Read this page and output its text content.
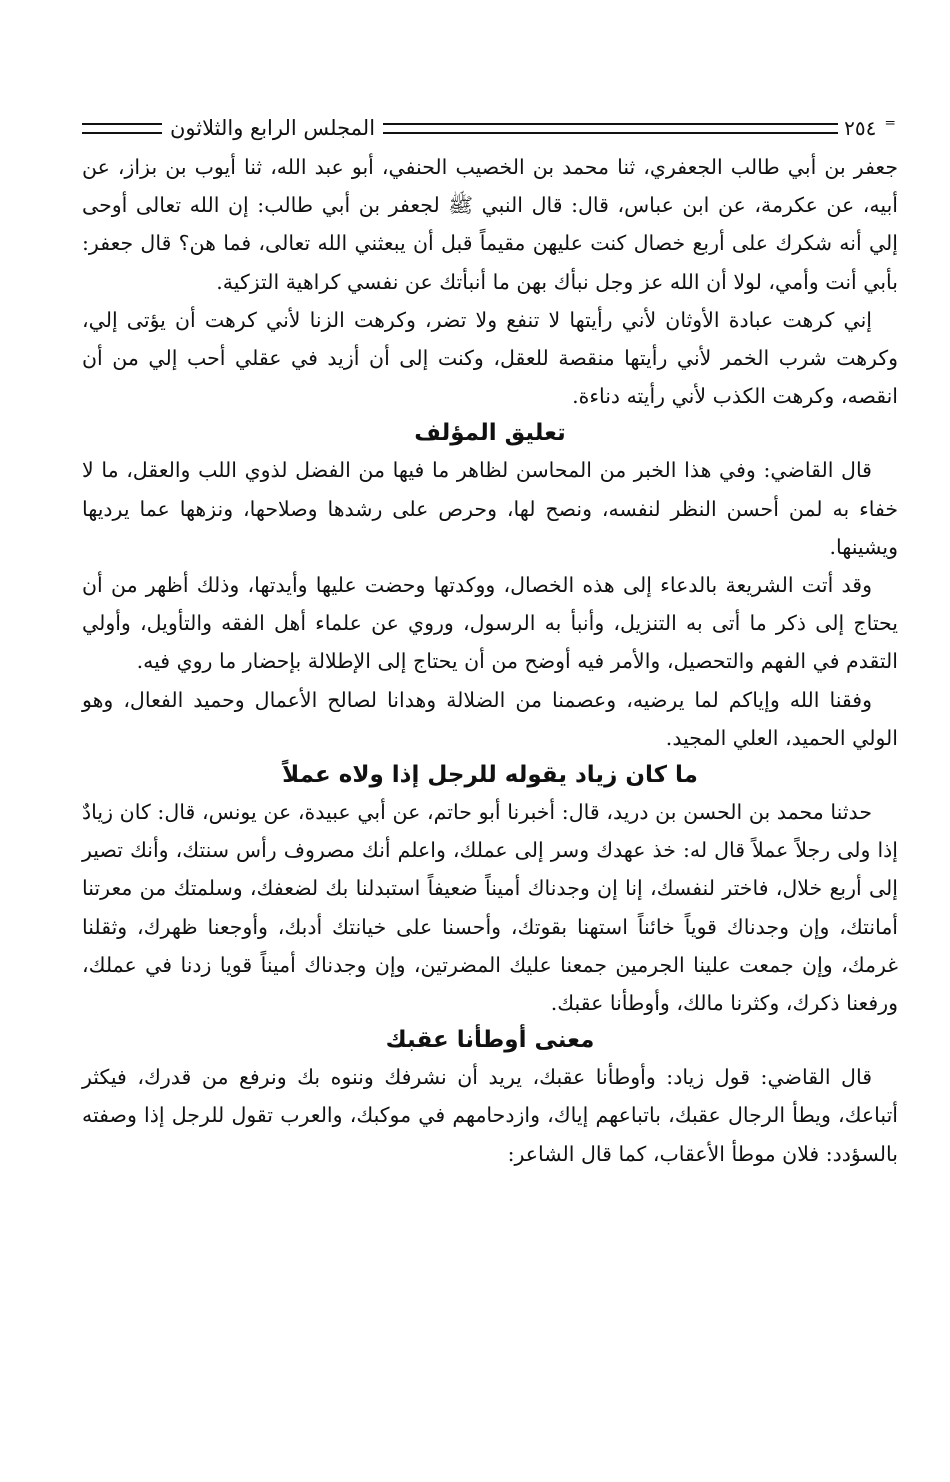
⁼
٢٥٤
المجلس الرابع والثلاثون

جعفر بن أبي طالب الجعفري، ثنا محمد بن الخصيب الحنفي، أبو عبد الله، ثنا أيوب بن بزاز، عن أبيه، عن عكرمة، عن ابن عباس، قال: قال النبي ﷺ لجعفر بن أبي طالب: إن الله تعالى أوحى إلي أنه شكرك على أربع خصال كنت عليهن مقيماً قبل أن يبعثني الله تعالى، فما هن؟ قال جعفر: بأبي أنت وأمي، لولا أن الله عز وجل نبأك بهن ما أنبأتك عن نفسي كراهية التزكية.

إني كرهت عبادة الأوثان لأني رأيتها لا تنفع ولا تضر، وكرهت الزنا لأني كرهت أن يؤتى إلي، وكرهت شرب الخمر لأني رأيتها منقصة للعقل، وكنت إلى أن أزيد في عقلي أحب إلي من أن انقصه، وكرهت الكذب لأني رأيته دناءة.

تعليق المؤلف

قال القاضي: وفي هذا الخبر من المحاسن لظاهر ما فيها من الفضل لذوي اللب والعقل، ما لا خفاء به لمن أحسن النظر لنفسه، ونصح لها، وحرص على رشدها وصلاحها، ونزهها عما يرديها ويشينها.

وقد أتت الشريعة بالدعاء إلى هذه الخصال، ووكدتها وحضت عليها وأيدتها، وذلك أظهر من أن يحتاج إلى ذكر ما أتى به التنزيل، وأنبأ به الرسول، وروي عن علماء أهل الفقه والتأويل، وأولي التقدم في الفهم والتحصيل، والأمر فيه أوضح من أن يحتاج إلى الإطلالة بإحضار ما روي فيه.

وفقنا الله وإياكم لما يرضيه، وعصمنا من الضلالة وهدانا لصالح الأعمال وحميد الفعال، وهو الولي الحميد، العلي المجيد.

ما كان زياد يقوله للرجل إذا ولاه عملاً

حدثنا محمد بن الحسن بن دريد، قال: أخبرنا أبو حاتم، عن أبي عبيدة، عن يونس، قال: كان زيادٌ إذا ولى رجلاً عملاً قال له: خذ عهدك وسر إلى عملك، واعلم أنك مصروف رأس سنتك، وأنك تصير إلى أربع خلال، فاختر لنفسك، إنا إن وجدناك أميناً ضعيفاً استبدلنا بك لضعفك، وسلمتك من معرتنا أمانتك، وإن وجدناك قوياً خائناً استهنا بقوتك، وأحسنا على خيانتك أدبك، وأوجعنا ظهرك، وثقلنا غرمك، وإن جمعت علينا الجرمين جمعنا عليك المضرتين، وإن وجدناك أميناً قويا زدنا في عملك، ورفعنا ذكرك، وكثرنا مالك، وأوطأنا عقبك.

معنى أوطأنا عقبك

قال القاضي: قول زياد: وأوطأنا عقبك، يريد أن نشرفك وننوه بك ونرفع من قدرك، فيكثر أتباعك، ويطأ الرجال عقبك، باتباعهم إياك، وازدحامهم في موكبك، والعرب تقول للرجل إذا وصفته بالسؤدد: فلان موطأ الأعقاب، كما قال الشاعر:
